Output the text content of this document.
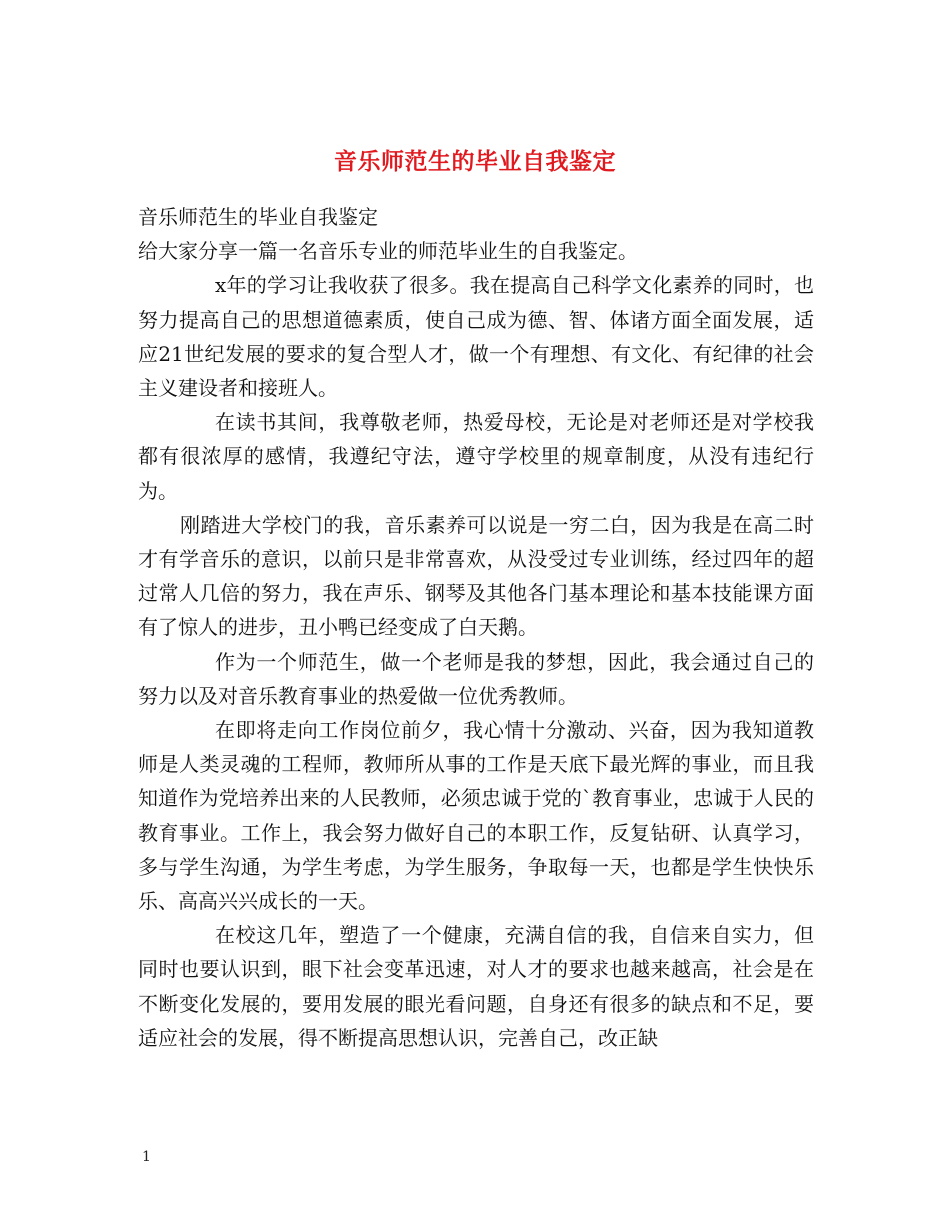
音乐师范生的毕业自我鉴定

音乐师范生的毕业自我鉴定

给大家分享一篇一名音乐专业的师范毕业生的自我鉴定。

x年的学习让我收获了很多。我在提高自己科学文化素养的同时，也努力提高自己的思想道德素质，使自己成为德、智、体诸方面全面发展，适应21世纪发展的要求的复合型人才，做一个有理想、有文化、有纪律的社会主义建设者和接班人。

在读书其间，我尊敬老师，热爱母校，无论是对老师还是对学校我都有很浓厚的感情，我遵纪守法，遵守学校里的规章制度，从没有违纪行为。

刚踏进大学校门的我，音乐素养可以说是一穷二白，因为我是在高二时才有学音乐的意识，以前只是非常喜欢，从没受过专业训练，经过四年的超过常人几倍的努力，我在声乐、钢琴及其他各门基本理论和基本技能课方面有了惊人的进步，丑小鸭已经变成了白天鹅。

作为一个师范生，做一个老师是我的梦想，因此，我会通过自己的努力以及对音乐教育事业的热爱做一位优秀教师。

在即将走向工作岗位前夕，我心情十分激动、兴奋，因为我知道教师是人类灵魂的工程师，教师所从事的工作是天底下最光辉的事业，而且我知道作为党培养出来的人民教师，必须忠诚于党的`教育事业，忠诚于人民的教育事业。工作上，我会努力做好自己的本职工作，反复钻研、认真学习，多与学生沟通，为学生考虑，为学生服务，争取每一天，也都是学生快快乐乐、高高兴兴成长的一天。

在校这几年，塑造了一个健康，充满自信的我，自信来自实力，但同时也要认识到，眼下社会变革迅速，对人才的要求也越来越高，社会是在不断变化发展的，要用发展的眼光看问题，自身还有很多的缺点和不足，要适应社会的发展，得不断提高思想认识，完善自己，改正缺

1
